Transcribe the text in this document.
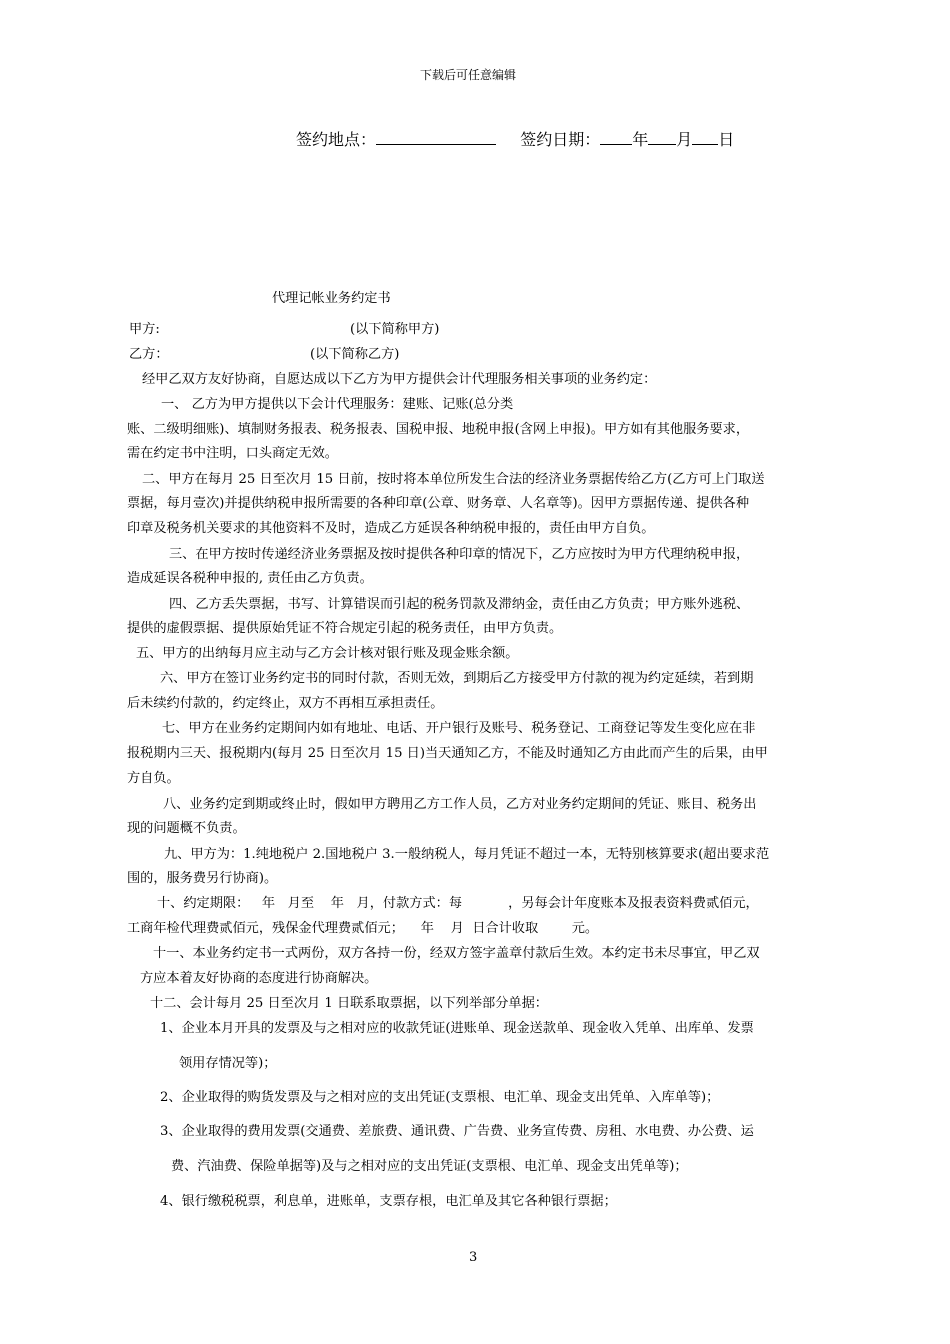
下载后可任意编辑
签约地点：	签约日期： 年 月 日
代理记帐业务约定书
甲方:	(以下简称甲方)
乙方：	(以下简称乙方)
经甲乙双方友好协商，自愿达成以下乙方为甲方提供会计代理服务相关事项的业务约定：
一、 乙方为甲方提供以下会计代理服务：建账、记账(总分类
账、二级明细账)、填制财务报表、税务报表、国税申报、地税申报(含网上申报)。甲方如有其他服务要求，
需在约定书中注明，口头商定无效。
二、甲方在每月 25 日至次月 15 日前，按时将本单位所发生合法的经济业务票据传给乙方(乙方可上门取送
票据，每月壹次)并提供纳税申报所需要的各种印章(公章、财务章、人名章等)。因甲方票据传递、提供各种
印章及税务机关要求的其他资料不及时，造成乙方延误各种纳税申报的，责任由甲方自负。
三、在甲方按时传递经济业务票据及按时提供各种印章的情况下，乙方应按时为甲方代理纳税申报，
造成延误各税种申报的, 责任由乙方负责。
四、乙方丢失票据，书写、计算错误而引起的税务罚款及滞纳金，责任由乙方负责；甲方账外逃税、
提供的虚假票据、提供原始凭证不符合规定引起的税务责任，由甲方负责。
五、甲方的出纳每月应主动与乙方会计核对银行账及现金账余额。
六、甲方在签订业务约定书的同时付款，否则无效，到期后乙方接受甲方付款的视为约定延续，若到期
后未续约付款的，约定终止，双方不再相互承担责任。
七、甲方在业务约定期间内如有地址、电话、开户银行及账号、税务登记、工商登记等发生变化应在非
报税期内三天、报税期内(每月 25 日至次月 15 日)当天通知乙方，不能及时通知乙方由此而产生的后果，由甲
方自负。
八、业务约定到期或终止时，假如甲方聘用乙方工作人员，乙方对业务约定期间的凭证、账目、税务出
现的问题概不负责。
九、甲方为：1.纯地税户 2.国地税户 3.一般纳税人，每月凭证不超过一本，无特别核算要求(超出要求范
围的，服务费另行协商)。
十、约定期限：   年   月至    年   月，付款方式：每           ，另每会计年度账本及报表资料费贰佰元，
工商年检代理费贰佰元，残保金代理费贰佰元；    年    月  日合计收取        元。
十一、本业务约定书一式两份，双方各持一份，经双方签字盖章付款后生效。本约定书未尽事宜，甲乙双
方应本着友好协商的态度进行协商解决。
十二、会计每月 25 日至次月 1 日联系取票据，以下列举部分单据：
1、企业本月开具的发票及与之相对应的收款凭证(进账单、现金送款单、现金收入凭单、出库单、发票
领用存情况等)；
2、企业取得的购货发票及与之相对应的支出凭证(支票根、电汇单、现金支出凭单、入库单等)；
3、企业取得的费用发票(交通费、差旅费、通讯费、广告费、业务宣传费、房租、水电费、办公费、运
费、汽油费、保险单据等)及与之相对应的支出凭证(支票根、电汇单、现金支出凭单等)；
4、银行缴税税票，利息单，进账单，支票存根，电汇单及其它各种银行票据；
3
